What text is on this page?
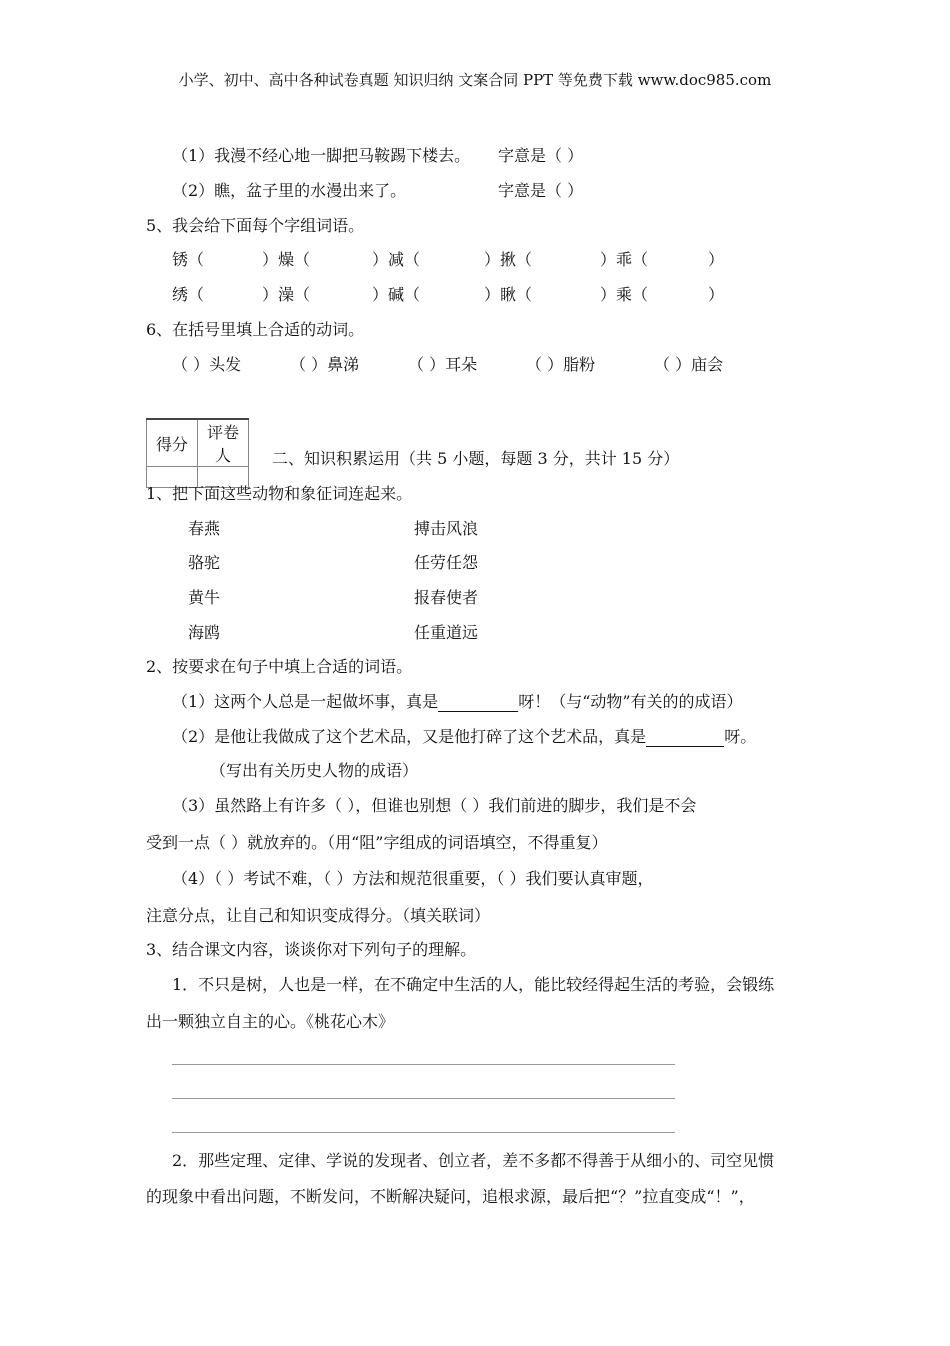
小学、初中、高中各种试卷真题 知识归纳 文案合同 PPT 等免费下载 www.doc985.com
（1）我漫不经心地一脚把马鞍踢下楼去。 字意是（ ）
（2）瞧，盆子里的水漫出来了。	字意是（ ）
5、我会给下面每个字组词语。
锈（	）燥（	）减（	）揪（	）乖（	）
绣（	）澡（	）碱（	）瞅（	）乘（	）
6、在括号里填上合适的动词。
（ ）头发	（ ）鼻涕	（ ）耳朵	（ ）脂粉	（ ）庙会
得分	评卷人
		二、知识积累运用（共 5 小题，每题 3 分，共计 15 分）
1、把下面这些动物和象征词连起来。
春燕	搏击风浪
骆驼	任劳任怨
黄牛	报春使者
海鸥	任重道远
2、按要求在句子中填上合适的词语。
（1）这两个人总是一起做坏事，真是	呀！（与“动物”有关的的成语）
（2）是他让我做成了这个艺术品，又是他打碎了这个艺术品，真是	呀。
（写出有关历史人物的成语）
（3）虽然路上有许多（ ），但谁也别想（ ）我们前进的脚步，我们是不会
受到一点（ ）就放弃的。（用“阻”字组成的词语填空，不得重复）
（4）（ ）考试不难，（ ）方法和规范很重要，（ ）我们要认真审题，
注意分点，让自己和知识变成得分。（填关联词）
3、结合课文内容，谈谈你对下列句子的理解。
1．不只是树，人也是一样，在不确定中生活的人，能比较经得起生活的考验，会锻练
出一颗独立自主的心。《桃花心木》
2．那些定理、定律、学说的发现者、创立者，差不多都不得善于从细小的、司空见惯
的现象中看出问题，不断发问，不断解决疑问，追根求源，最后把“？”拉直变成“！”，
